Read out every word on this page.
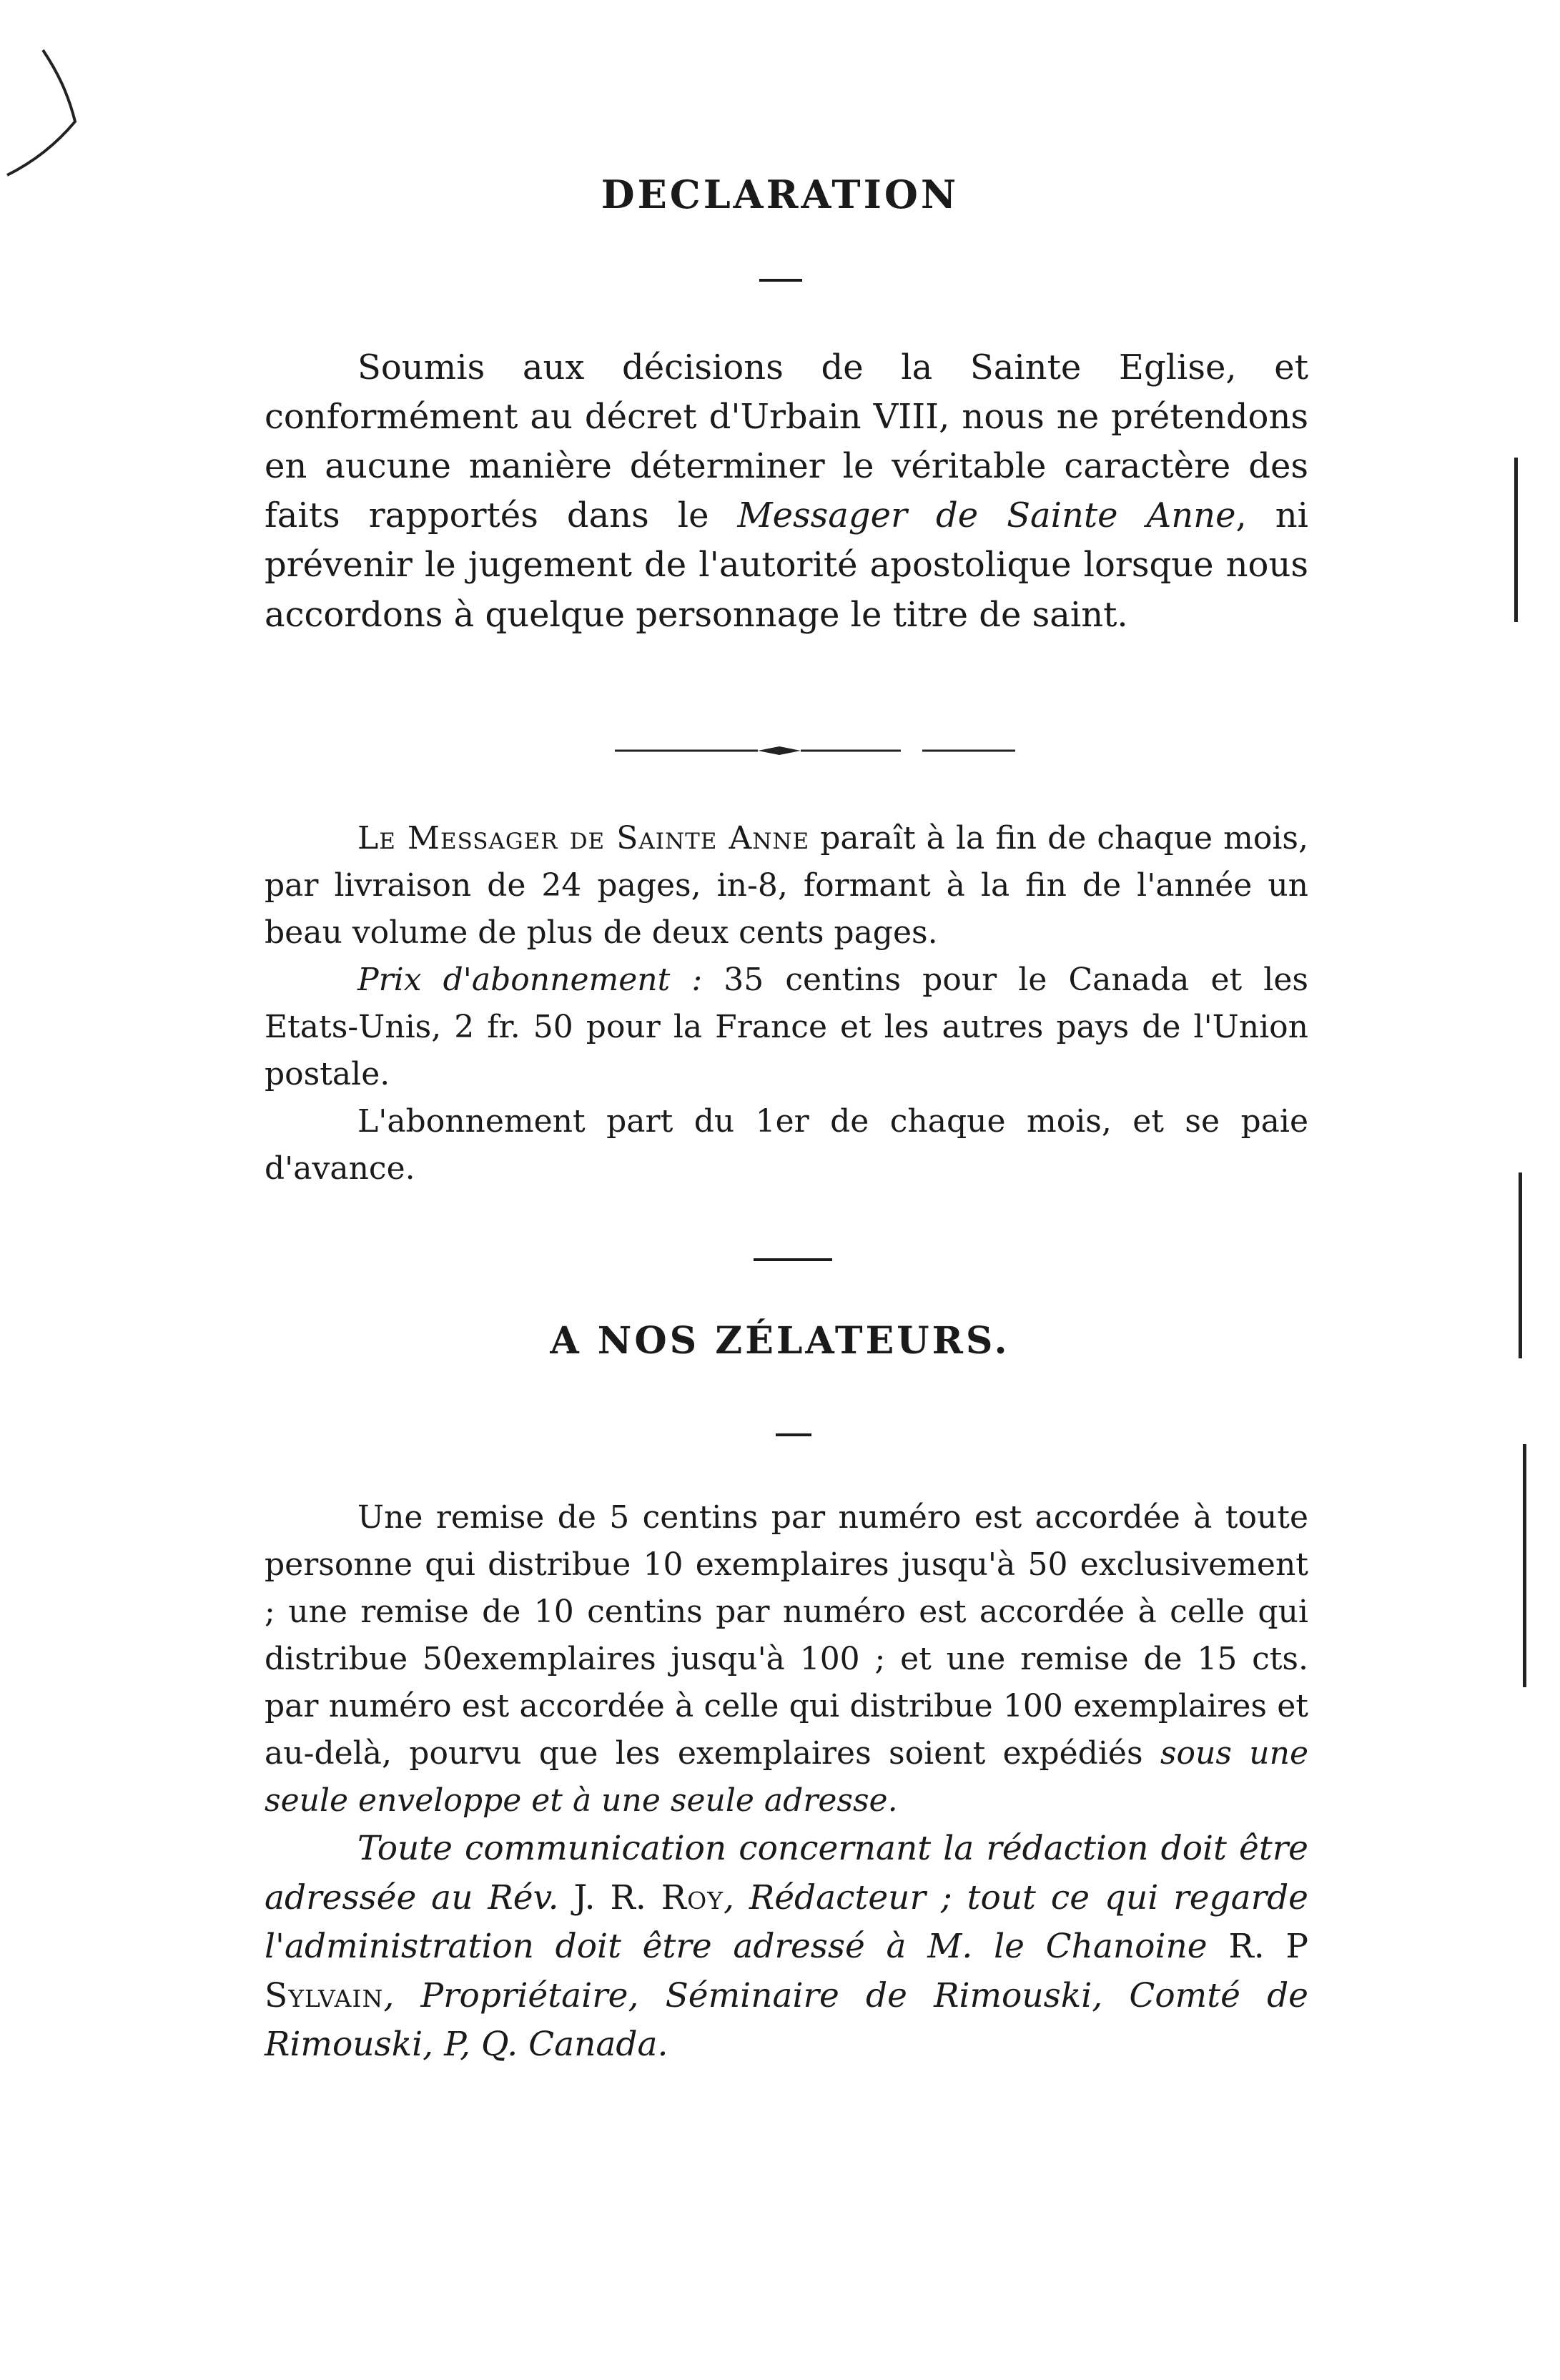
DECLARATION

Soumis aux décisions de la Sainte Eglise, et conformément au décret d'Urbain VIII, nous ne prétendons en aucune manière déterminer le véritable caractère des faits rapportés dans le Messager de Sainte Anne, ni prévenir le jugement de l'autorité apostolique lorsque nous accordons à quelque personnage le titre de saint.

Le Messager de Sainte Anne paraît à la fin de chaque mois, par livraison de 24 pages, in-8, formant à la fin de l'année un beau volume de plus de deux cents pages.

Prix d'abonnement : 35 centins pour le Canada et les Etats-Unis, 2 fr. 50 pour la France et les autres pays de l'Union postale.

L'abonnement part du 1er de chaque mois, et se paie d'avance.

A NOS ZÉLATEURS.

Une remise de 5 centins par numéro est accordée à toute personne qui distribue 10 exemplaires jusqu'à 50 exclusivement ; une remise de 10 centins par numéro est accordée à celle qui distribue 50exemplaires jusqu'à 100 ; et une remise de 15 cts. par numéro est accordée à celle qui distribue 100 exemplaires et au-delà, pourvu que les exemplaires soient expédiés sous une seule enveloppe et à une seule adresse.

Toute communication concernant la rédaction doit être adressée au Rév. J. R. Roy, Rédacteur ; tout ce qui regarde l'administration doit être adressé à M. le Chanoine R. P Sylvain, Propriétaire, Séminaire de Rimouski, Comté de Rimouski, P, Q. Canada.
